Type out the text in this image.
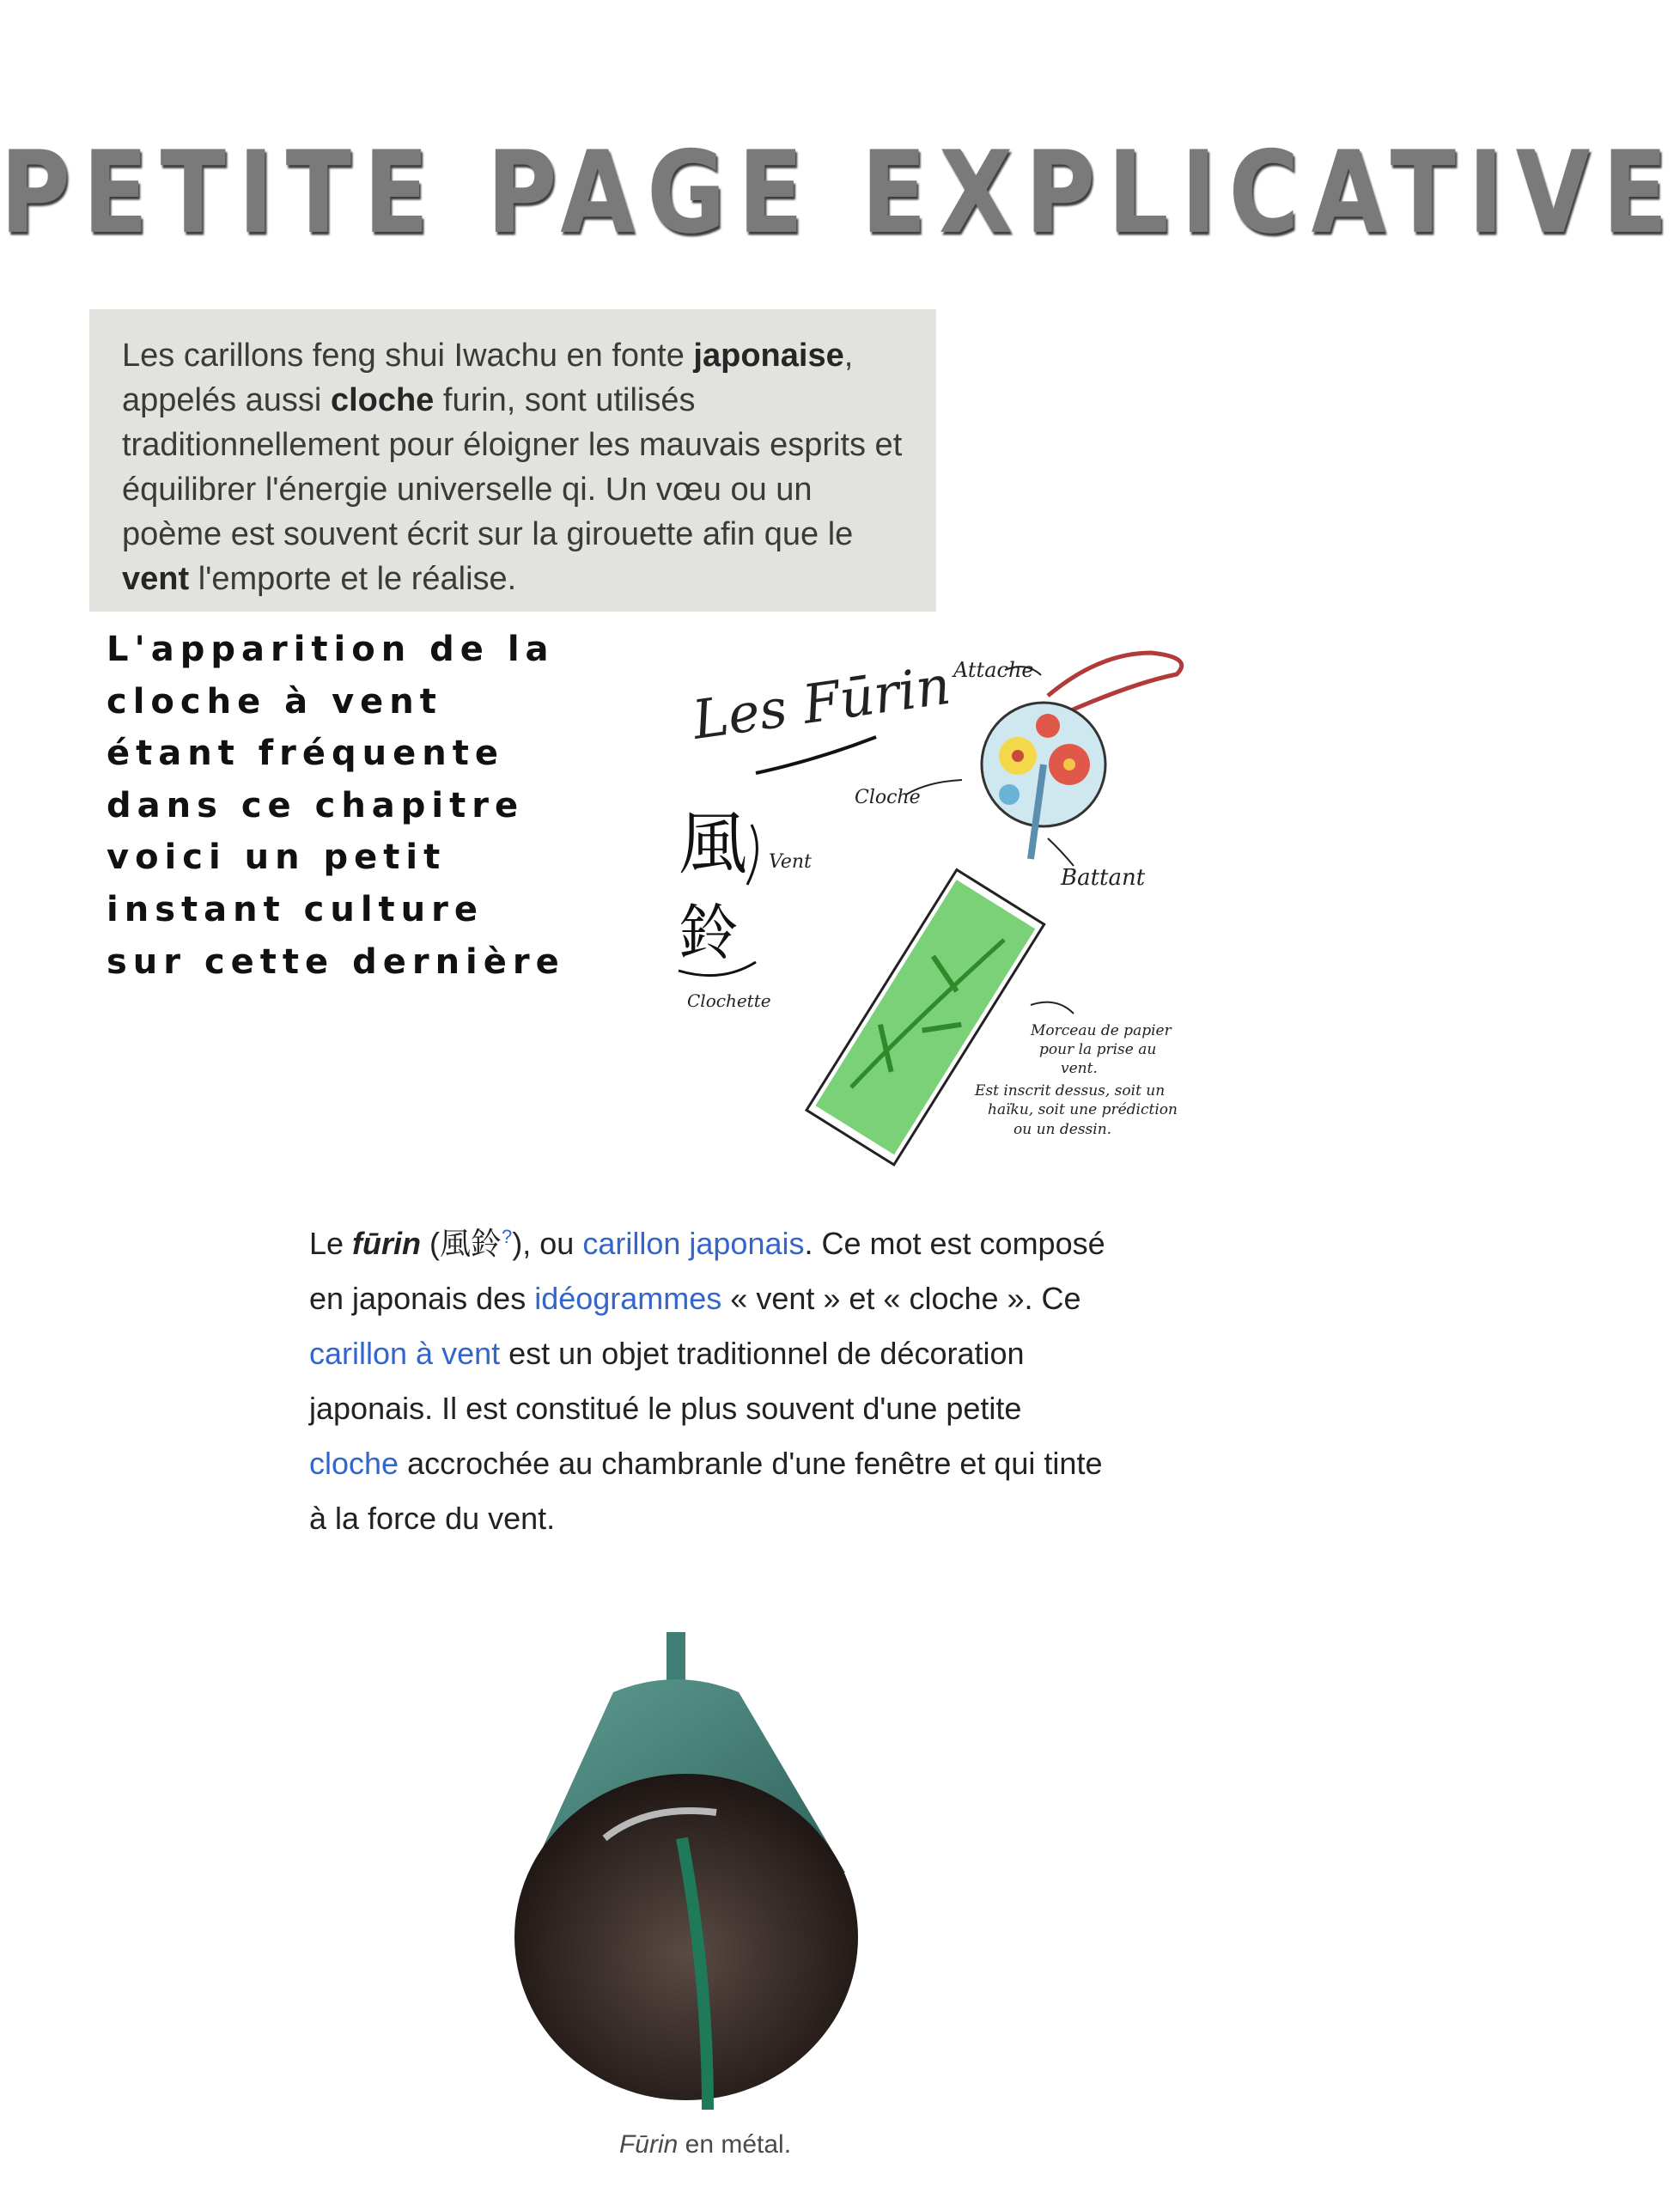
PETITE PAGE EXPLICATIVE
Les carillons feng shui Iwachu en fonte japonaise, appelés aussi cloche furin, sont utilisés traditionnellement pour éloigner les mauvais esprits et équilibrer l'énergie universelle qi. Un vœu ou un poème est souvent écrit sur la girouette afin que le vent l'emporte et le réalise.
L'apparition de la
cloche à vent
étant fréquente
dans ce chapitre
voici un petit
instant culture
sur cette dernière
Les Fūrin
風
鈴
Vent
Clochette
Attache
Cloche
Battant
Morceau de papier
pour la prise au
vent.
Est inscrit dessus, soit un
haïku, soit une prédiction
ou un dessin.
Le fūrin (風鈴?), ou carillon japonais. Ce mot est composé en japonais des idéogrammes « vent » et « cloche ». Ce carillon à vent est un objet traditionnel de décoration japonais. Il est constitué le plus souvent d'une petite cloche accrochée au chambranle d'une fenêtre et qui tinte à la force du vent.
Fūrin en métal.
